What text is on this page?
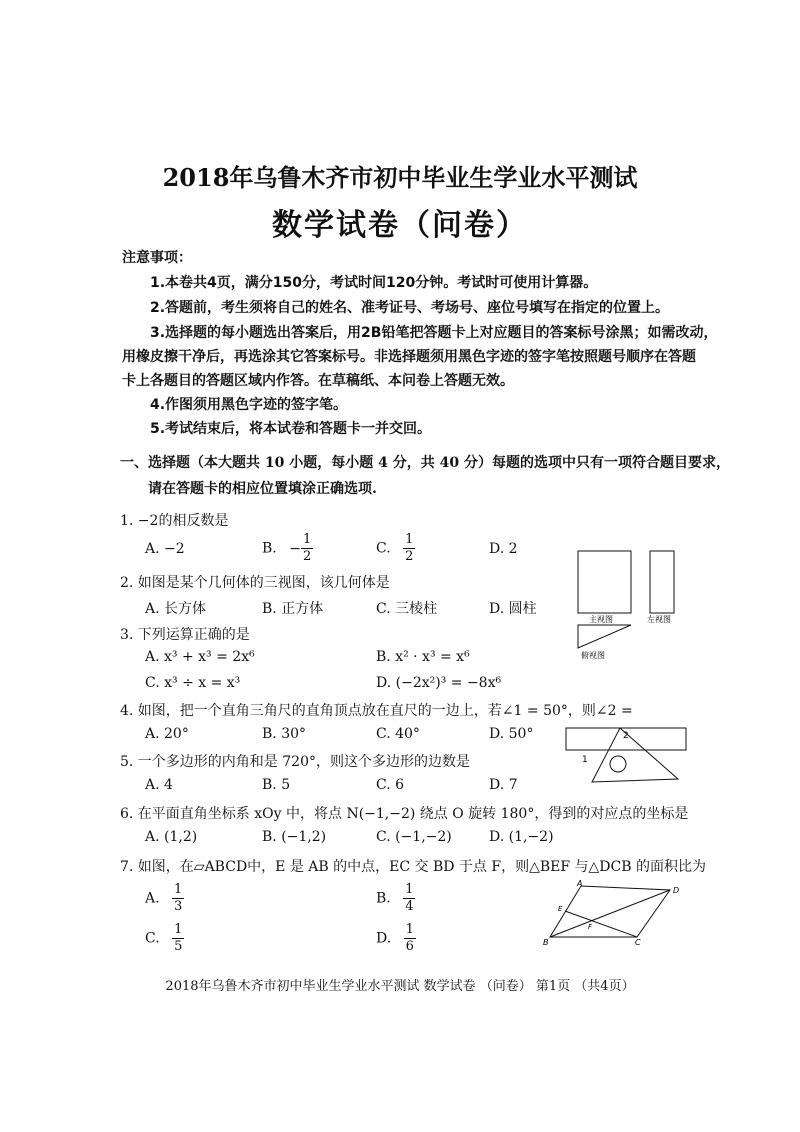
2018年乌鲁木齐市初中毕业生学业水平测试
数学试卷（问卷）
注意事项：
1.本卷共4页，满分150分，考试时间120分钟。考试时可使用计算器。
2.答题前，考生须将自己的姓名、准考证号、考场号、座位号填写在指定的位置上。
3.选择题的每小题选出答案后，用2B铅笔把答题卡上对应题目的答案标号涂黑；如需改动，
用橡皮擦干净后，再选涂其它答案标号。非选择题须用黑色字迹的签字笔按照题号顺序在答题
卡上各题目的答题区域内作答。在草稿纸、本问卷上答题无效。
4.作图须用黑色字迹的签字笔。
5.考试结束后，将本试卷和答题卡一并交回。
一、选择题（本大题共 10 小题，每小题 4 分，共 40 分）每题的选项中只有一项符合题目要求，
请在答题卡的相应位置填涂正确选项.
1. −2的相反数是
A. −2	B. − $\frac{1}{2}$	C. $\frac{1}{2}$	D. 2
2. 如图是某个几何体的三视图，该几何体是
A. 长方体	B. 正方体	C. 三棱柱	D. 圆柱
主视图	左视图
俯视图
3. 下列运算正确的是
A. x³ + x³ = 2x⁶	B. x² · x³ = x⁶
C. x³ ÷ x = x³	D. (−2x²)³ = −8x⁶
4. 如图，把一个直角三角尺的直角顶点放在直尺的一边上，若∠1 = 50°，则∠2 =
A. 20°	B. 30°	C. 40°	D. 50°
1
2
5. 一个多边形的内角和是 720°，则这个多边形的边数是
A. 4	B. 5	C. 6	D. 7
6. 在平面直角坐标系 xOy 中，将点 N(−1,−2) 绕点 O 旋转 180°，得到的对应点的坐标是
A. (1,2)	B. (−1,2)	C. (−1,−2)	D. (1,−2)
7. 如图，在▱ABCD中，E 是 AB 的中点，EC 交 BD 于点 F，则△BEF 与△DCB 的面积比为
A. $\frac{1}{3}$	B. $\frac{1}{4}$
C. $\frac{1}{5}$	D. $\frac{1}{6}$
A
D
B	C
E
F
2018年乌鲁木齐市初中毕业生学业水平测试 数学试卷 （问卷） 第1页 （共4页）
